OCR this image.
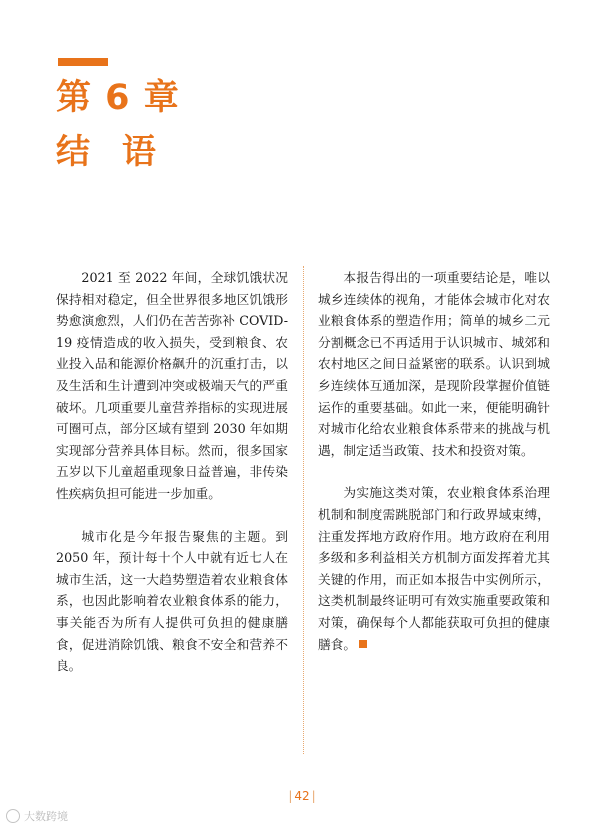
第 6 章
结 语

2021 至 2022 年间，全球饥饿状况保持相对稳定，但全世界很多地区饥饿形势愈演愈烈，人们仍在苦苦弥补 COVID-19 疫情造成的收入损失，受到粮食、农业投入品和能源价格飙升的沉重打击，以及生活和生计遭到冲突或极端天气的严重破坏。几项重要儿童营养指标的实现进展可圈可点，部分区域有望到 2030 年如期实现部分营养具体目标。然而，很多国家五岁以下儿童超重现象日益普遍，非传染性疾病负担可能进一步加重。

城市化是今年报告聚焦的主题。到 2050 年，预计每十个人中就有近七人在城市生活，这一大趋势塑造着农业粮食体系，也因此影响着农业粮食体系的能力，事关能否为所有人提供可负担的健康膳食，促进消除饥饿、粮食不安全和营养不良。

本报告得出的一项重要结论是，唯以城乡连续体的视角，才能体会城市化对农业粮食体系的塑造作用；简单的城乡二元分割概念已不再适用于认识城市、城郊和农村地区之间日益紧密的联系。认识到城乡连续体互通加深，是现阶段掌握价值链运作的重要基础。如此一来，便能明确针对城市化给农业粮食体系带来的挑战与机遇，制定适当政策、技术和投资对策。

为实施这类对策，农业粮食体系治理机制和制度需跳脱部门和行政界域束缚，注重发挥地方政府作用。地方政府在利用多级和多利益相关方机制方面发挥着尤其关键的作用，而正如本报告中实例所示，这类机制最终证明可有效实施重要政策和对策，确保每个人都能获取可负担的健康膳食。

| 42 |
大数跨境
